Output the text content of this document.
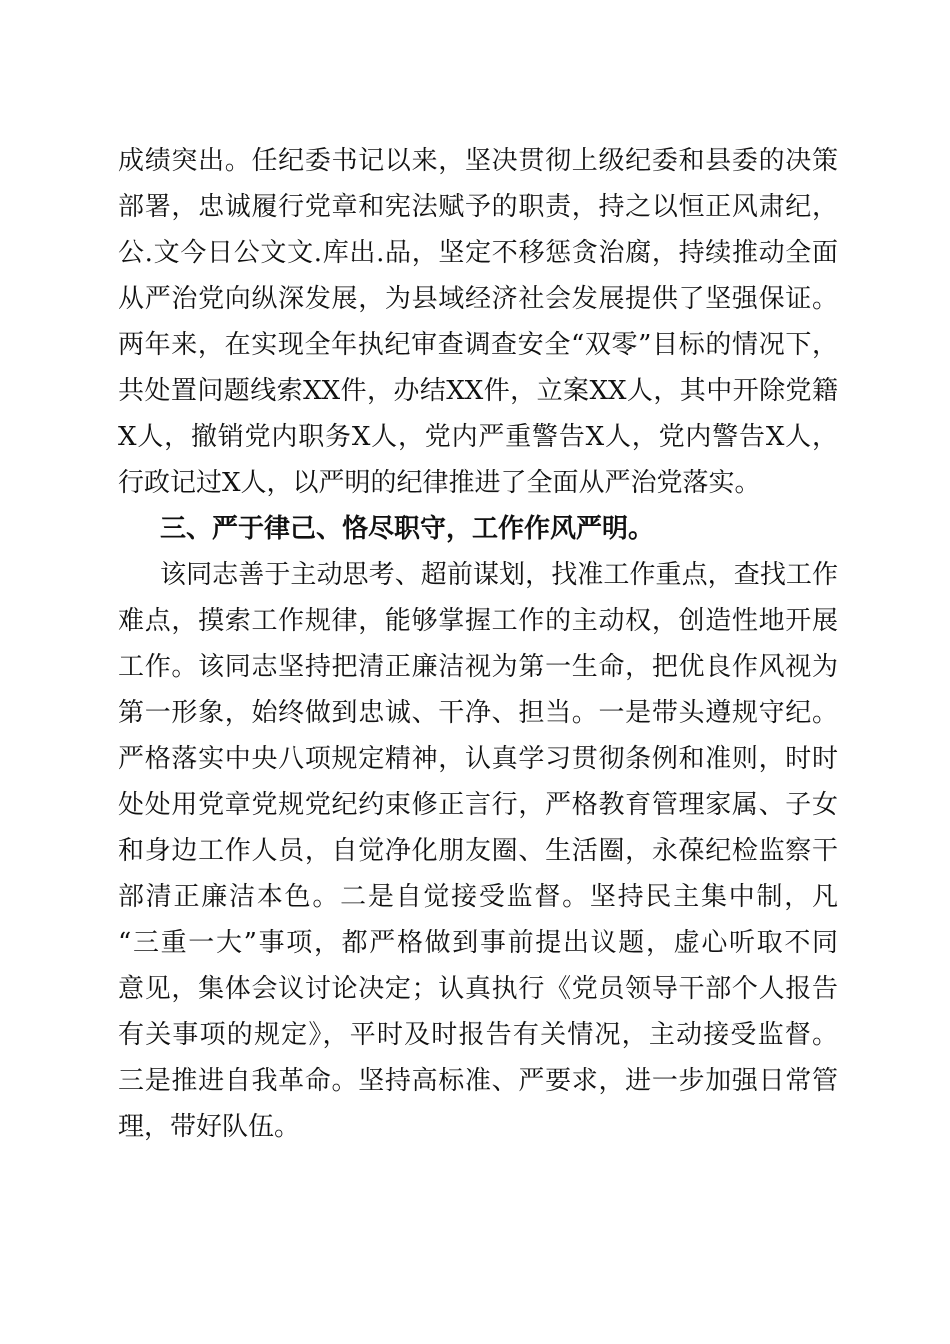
成绩突出。任纪委书记以来，坚决贯彻上级纪委和县委的决策
部署，忠诚履行党章和宪法赋予的职责，持之以恒正风肃纪，
公.文今日公文文.库出.品，坚定不移惩贪治腐，持续推动全面
从严治党向纵深发展，为县域经济社会发展提供了坚强保证。
两年来，在实现全年执纪审查调查安全“双零”目标的情况下，
共处置问题线索XX件，办结XX件，立案XX人，其中开除党籍
X人，撤销党内职务X人，党内严重警告X人，党内警告X人，
行政记过X人，以严明的纪律推进了全面从严治党落实。
三、严于律己、恪尽职守，工作作风严明。
该同志善于主动思考、超前谋划，找准工作重点，查找工作
难点，摸索工作规律，能够掌握工作的主动权，创造性地开展
工作。该同志坚持把清正廉洁视为第一生命，把优良作风视为
第一形象，始终做到忠诚、干净、担当。一是带头遵规守纪。
严格落实中央八项规定精神，认真学习贯彻条例和准则，时时
处处用党章党规党纪约束修正言行，严格教育管理家属、子女
和身边工作人员，自觉净化朋友圈、生活圈，永葆纪检监察干
部清正廉洁本色。二是自觉接受监督。坚持民主集中制，凡
“三重一大”事项，都严格做到事前提出议题，虚心听取不同
意见，集体会议讨论决定；认真执行《党员领导干部个人报告
有关事项的规定》，平时及时报告有关情况，主动接受监督。
三是推进自我革命。坚持高标准、严要求，进一步加强日常管
理，带好队伍。
